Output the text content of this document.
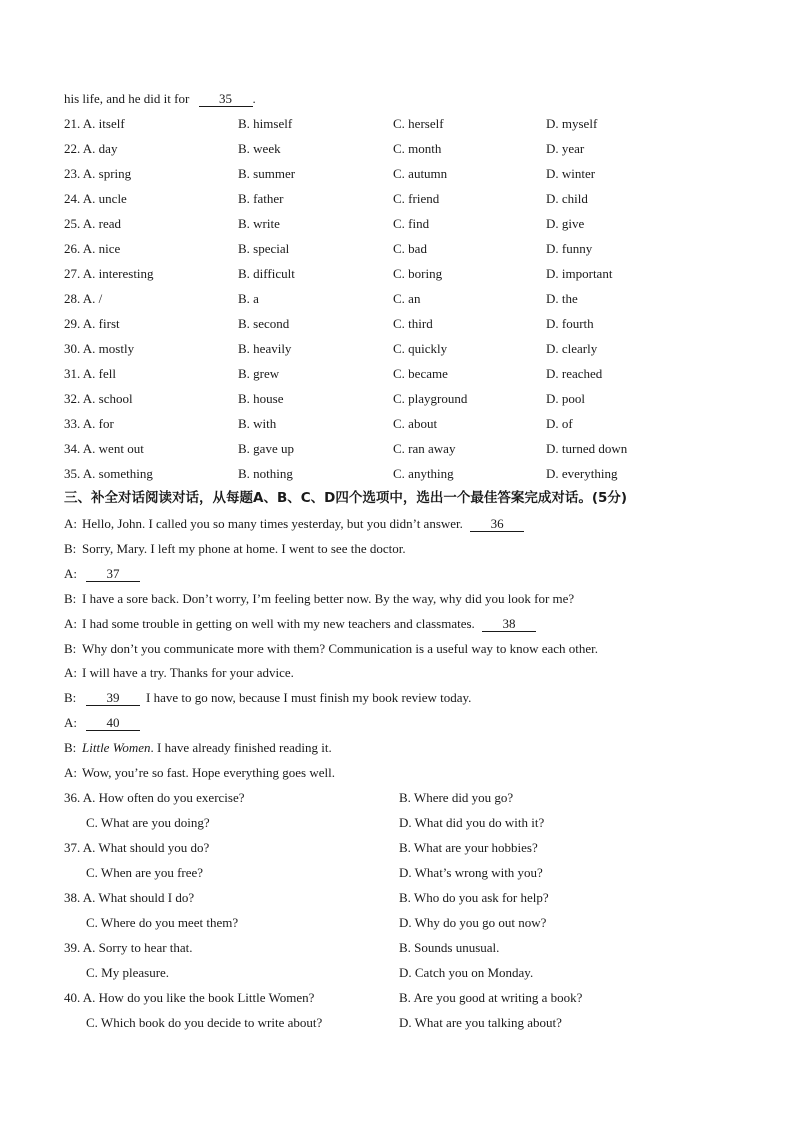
his life, and he did it for 35 .
21. A. itself	B. himself	C. herself	D. myself
22. A. day	B. week	C. month	D. year
23. A. spring	B. summer	C. autumn	D. winter
24. A. uncle	B. father	C. friend	D. child
25. A. read	B. write	C. find	D. give
26. A. nice	B. special	C. bad	D. funny
27. A. interesting	B. difficult	C. boring	D. important
28. A. /	B. a	C. an	D. the
29. A. first	B. second	C. third	D. fourth
30. A. mostly	B. heavily	C. quickly	D. clearly
31. A. fell	B. grew	C. became	D. reached
32. A. school	B. house	C. playground	D. pool
33. A. for	B. with	C. about	D. of
34. A. went out	B. gave up	C. ran away	D. turned down
35. A. something	B. nothing	C. anything	D. everything
三、补全对话阅读对话，从每题A、B、C、D四个选项中，选出一个最佳答案完成对话。(5分)
A: Hello, John. I called you so many times yesterday, but you didn’t answer. 36
B: Sorry, Mary. I left my phone at home. I went to see the doctor.
A: 37
B: I have a sore back. Don’t worry, I’m feeling better now. By the way, why did you look for me?
A: I had some trouble in getting on well with my new teachers and classmates. 38
B: Why don’t you communicate more with them? Communication is a useful way to know each other.
A: I will have a try. Thanks for your advice.
B: 39 I have to go now, because I must finish my book review today.
A: 40
B: Little Women. I have already finished reading it.
A: Wow, you’re so fast. Hope everything goes well.
36. A. How often do you exercise?	B. Where did you go?
C. What are you doing?	D. What did you do with it?
37. A. What should you do?	B. What are your hobbies?
C. When are you free?	D. What’s wrong with you?
38. A. What should I do?	B. Who do you ask for help?
C. Where do you meet them?	D. Why do you go out now?
39. A. Sorry to hear that.	B. Sounds unusual.
C. My pleasure.	D. Catch you on Monday.
40. A. How do you like the book Little Women?	B. Are you good at writing a book?
C. Which book do you decide to write about?	D. What are you talking about?
